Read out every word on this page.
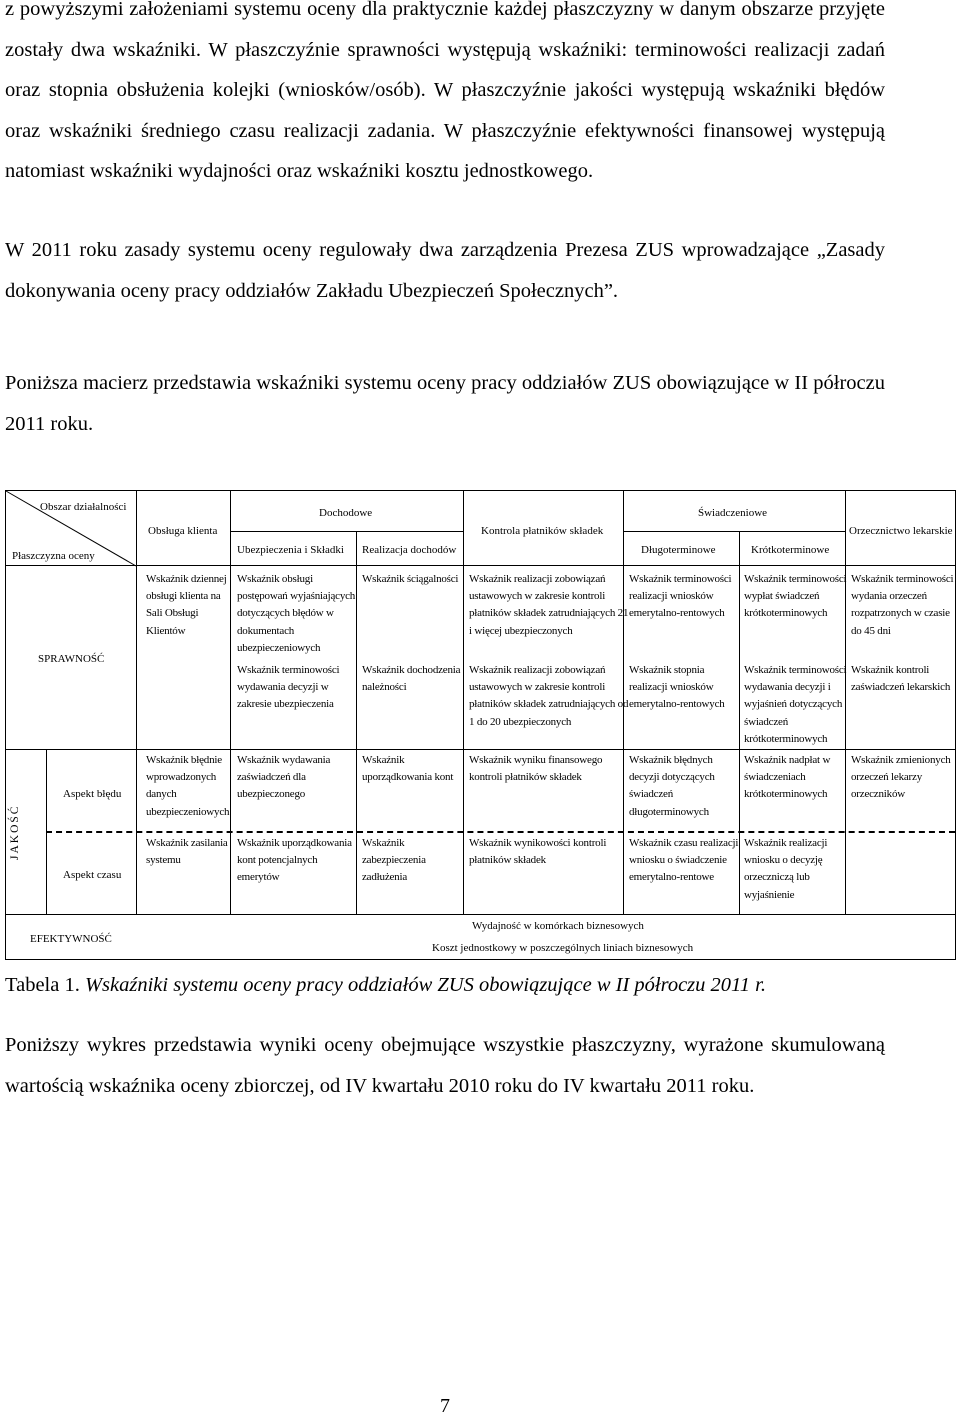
z powyższymi założeniami systemu oceny dla praktycznie każdej płaszczyzny w danym obszarze przyjęte zostały dwa wskaźniki. W płaszczyźnie sprawności występują wskaźniki: terminowości realizacji zadań oraz stopnia obsłużenia kolejki (wniosków/osób). W płaszczyźnie jakości występują wskaźniki błędów oraz wskaźniki średniego czasu realizacji zadania. W płaszczyźnie efektywności finansowej występują natomiast wskaźniki wydajności oraz wskaźniki kosztu jednostkowego.

W 2011 roku zasady systemu oceny regulowały dwa zarządzenia Prezesa ZUS wprowadzające „Zasady dokonywania oceny pracy oddziałów Zakładu Ubezpieczeń Społecznych”.

Poniższa macierz przedstawia wskaźniki systemu oceny pracy oddziałów ZUS obowiązujące w II półroczu 2011 roku.

Obszar działalności
Płaszczyzna oceny
Obsługa klienta
Dochodowe
Ubezpieczenia i Składki Realizacja dochodów
Kontrola płatników składek
Świadczeniowe
Długoterminowe	Krótkoterminowe
Orzecznictwo lekarskie
SPRAWNOŚĆ
Aspekt błędu
Aspekt czasu
EFEKTYWNOŚĆ
Wskaźnik dziennej
obsługi klienta na
Sali Obsługi
Klientów
Wskaźnik obsługi
postępowań wyjaśniających
dotyczących błędów w
dokumentach
ubezpieczeniowych
Wskaźnik ściągalności Wskaźnik realizacji zobowiązań
ustawowych w zakresie kontroli
płatników składek zatrudniających 21
i więcej ubezpieczonych
Wskaźnik terminowości
realizacji wniosków
emerytalno-rentowych
Wskaźnik terminowości
wypłat świadczeń
krótkoterminowych
Wskaźnik terminowości
wydania orzeczeń
rozpatrzonych w czasie
do 45 dni
Wskaźnik terminowości
wydawania decyzji w
zakresie ubezpieczenia
Wskaźnik dochodzenia
należności
Wskaźnik realizacji zobowiązań
ustawowych w zakresie kontroli
płatników składek zatrudniających od
1 do 20 ubezpieczonych
Wskaźnik stopnia
realizacji wniosków
emerytalno-rentowych
Wskaźnik terminowości
wydawania decyzji i
wyjaśnień dotyczących
świadczeń
krótkoterminowych
Wskaźnik kontroli
zaświadczeń lekarskich
Wskaźnik błędnie
wprowadzonych
danych
ubezpieczeniowych
Wskaźnik wydawania
zaświadczeń dla
ubezpieczonego
Wskaźnik
uporządkowania kont
Wskaźnik wyniku finansowego
kontroli płatników składek
Wskaźnik błędnych
decyzji dotyczących
świadczeń
długoterminowych
Wskaźnik nadpłat w
świadczeniach
krótkoterminowych
Wskaźnik zmienionych
orzeczeń lekarzy
orzeczników
Wskaźnik zasilania
systemu
Wskaźnik uporządkowania
kont potencjalnych
emerytów
Wskaźnik
zabezpieczenia
zadłużenia
Wskaźnik wynikowości kontroli
płatników składek
Wskaźnik czasu realizacji
wniosku o świadczenie
emerytalno-rentowe
Wskaźnik realizacji
wniosku o decyzję
orzeczniczą lub
wyjaśnienie
Wydajność w komórkach biznesowych
Koszt jednostkowy w poszczególnych liniach biznesowych
JAKOŚĆ

Tabela 1. Wskaźniki systemu oceny pracy oddziałów ZUS obowiązujące w II półroczu 2011 r.

Poniższy wykres przedstawia wyniki oceny obejmujące wszystkie płaszczyzny, wyrażone skumulowaną wartością wskaźnika oceny zbiorczej, od IV kwartału 2010 roku do IV kwartału 2011 roku.

7
